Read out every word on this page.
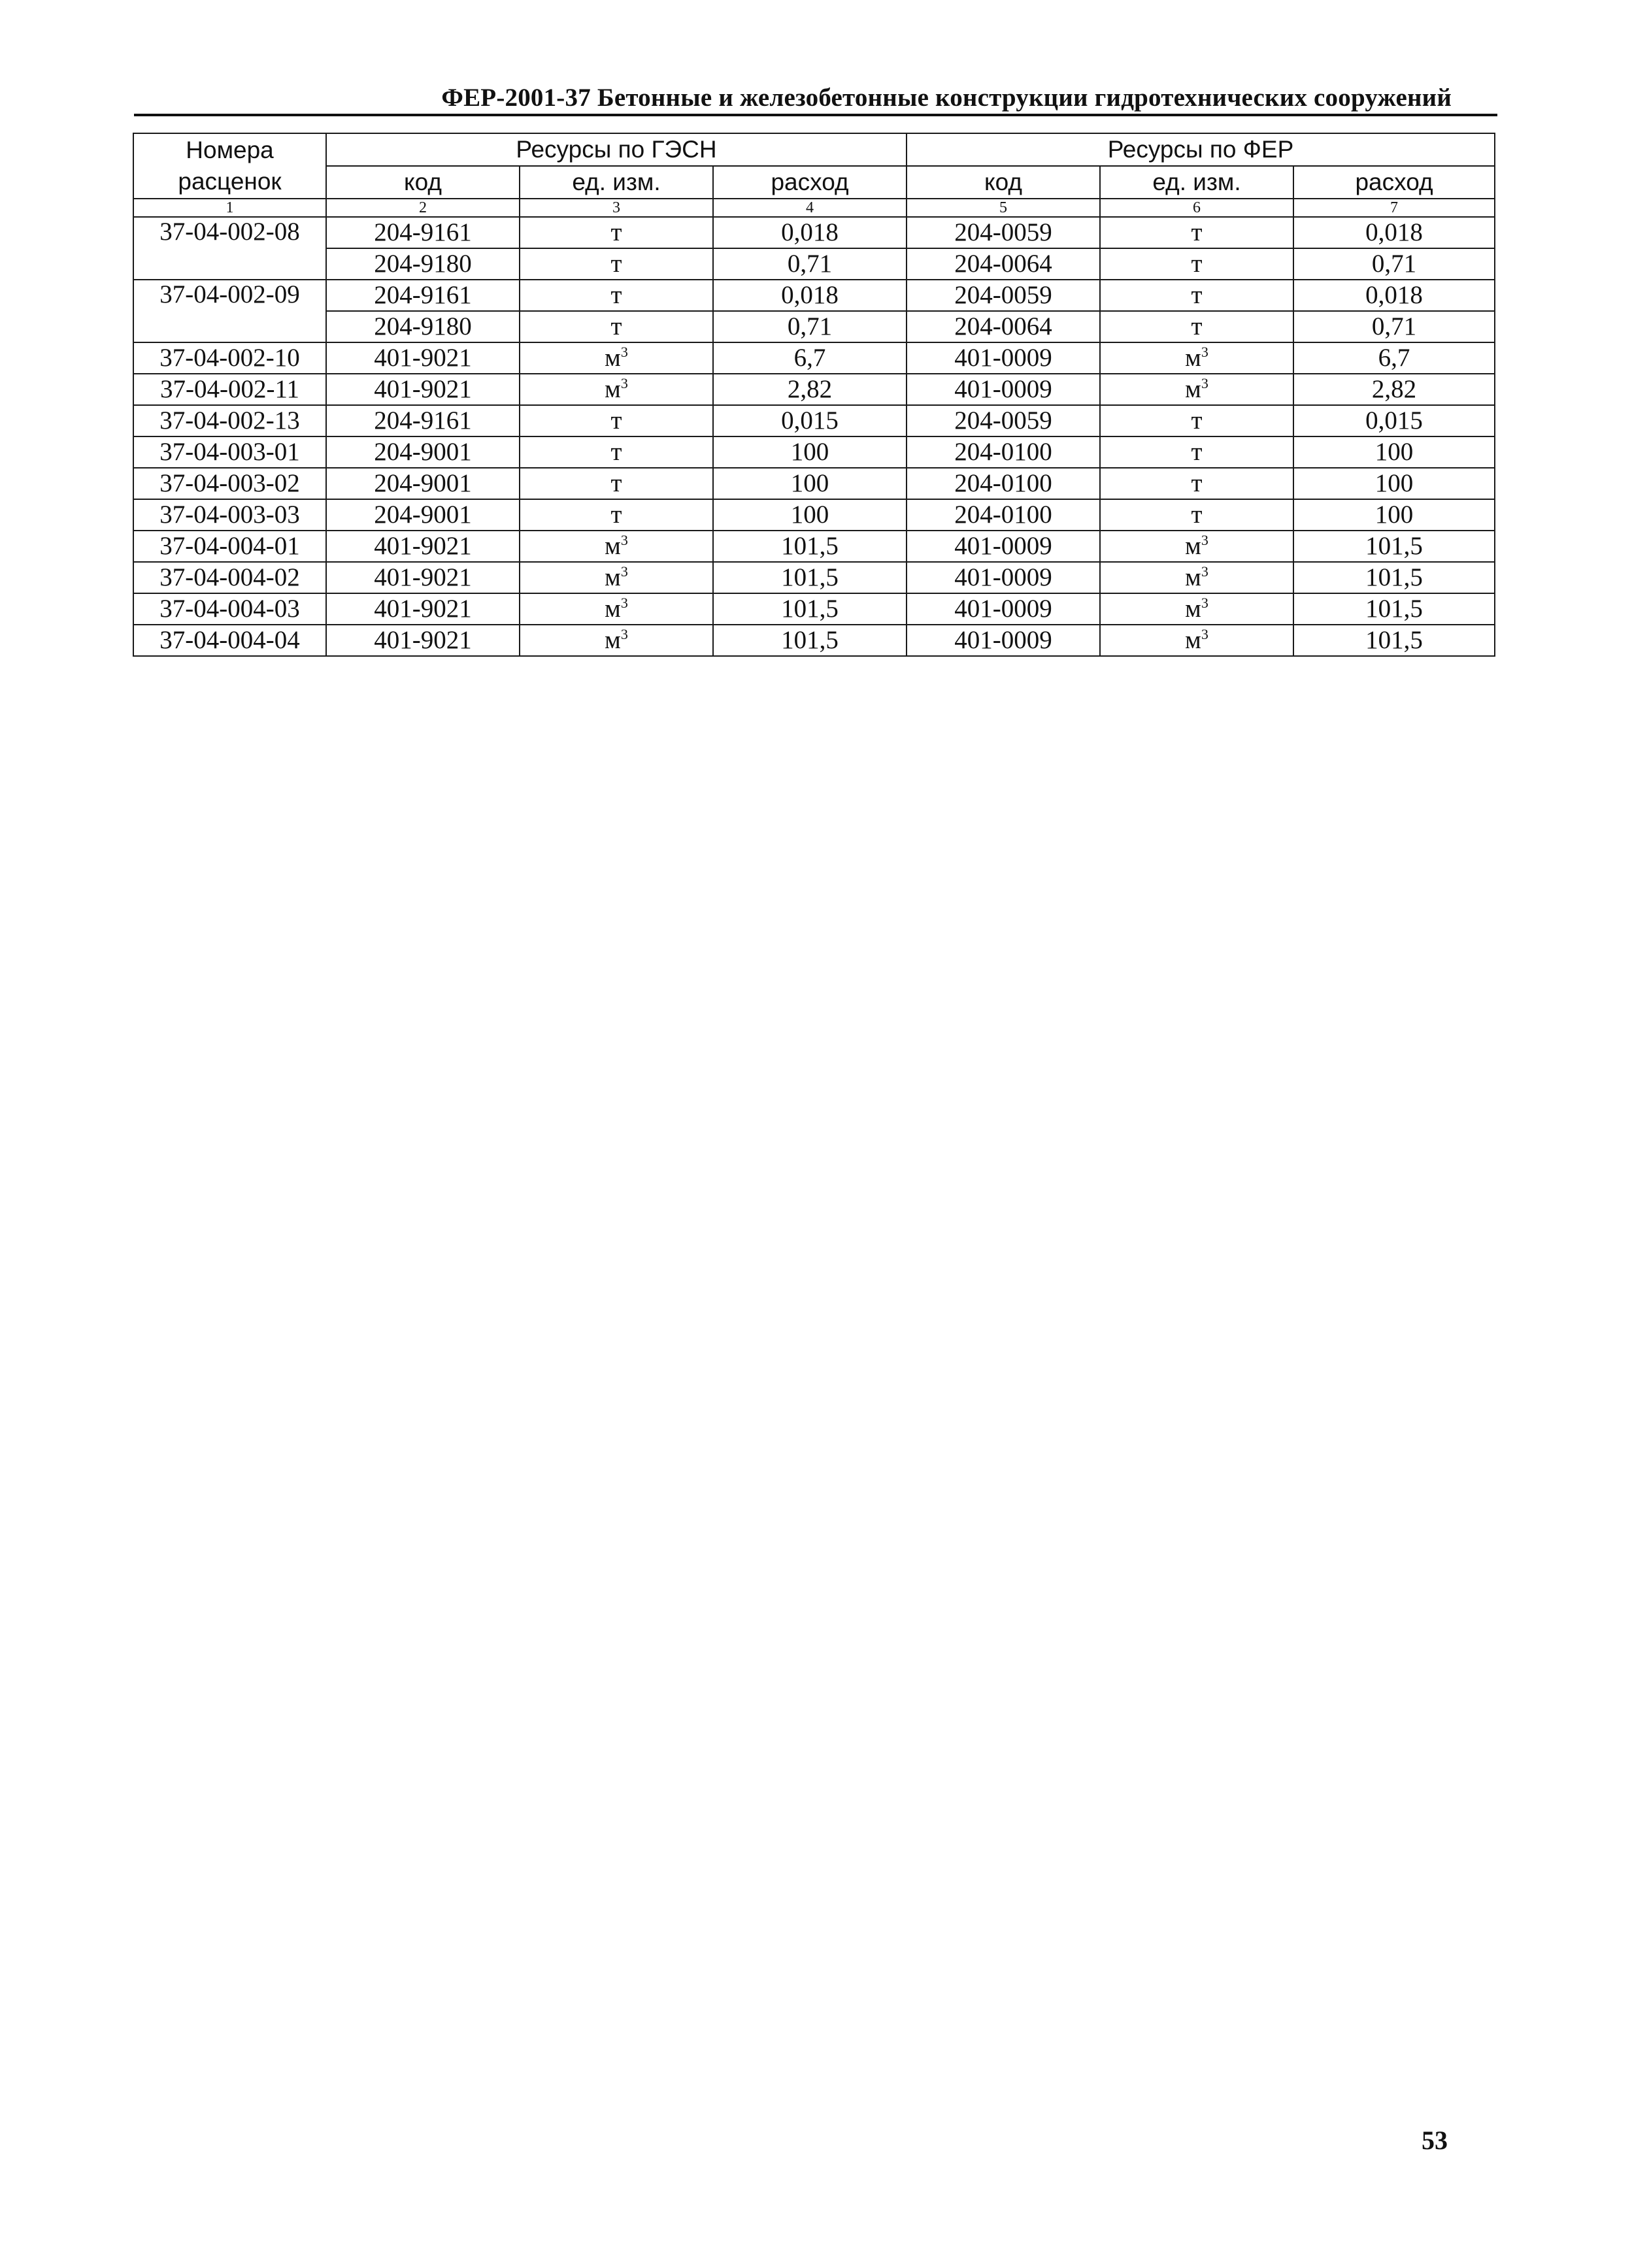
ФЕР-2001-37 Бетонные и железобетонные конструкции гидротехнических сооружений
Номера расценок	Ресурсы по ГЭСН			Ресурсы по ФЕР		
	код	ед. изм.	расход	код	ед. изм.	расход
1	2	3	4	5	6	7
37-04-002-08	204-9161	т	0,018	204-0059	т	0,018
	204-9180	т	0,71	204-0064	т	0,71
37-04-002-09	204-9161	т	0,018	204-0059	т	0,018
	204-9180	т	0,71	204-0064	т	0,71
37-04-002-10	401-9021	$м^3$	6,7	401-0009	$м^3$	6,7
37-04-002-11	401-9021	$м^3$	2,82	401-0009	$м^3$	2,82
37-04-002-13	204-9161	т	0,015	204-0059	т	0,015
37-04-003-01	204-9001	т	100	204-0100	т	100
37-04-003-02	204-9001	т	100	204-0100	т	100
37-04-003-03	204-9001	т	100	204-0100	т	100
37-04-004-01	401-9021	$м^3$	101,5	401-0009	$м^3$	101,5
37-04-004-02	401-9021	$м^3$	101,5	401-0009	$м^3$	101,5
37-04-004-03	401-9021	$м^3$	101,5	401-0009	$м^3$	101,5
37-04-004-04	401-9021	$м^3$	101,5	401-0009	$м^3$	101,5
53
